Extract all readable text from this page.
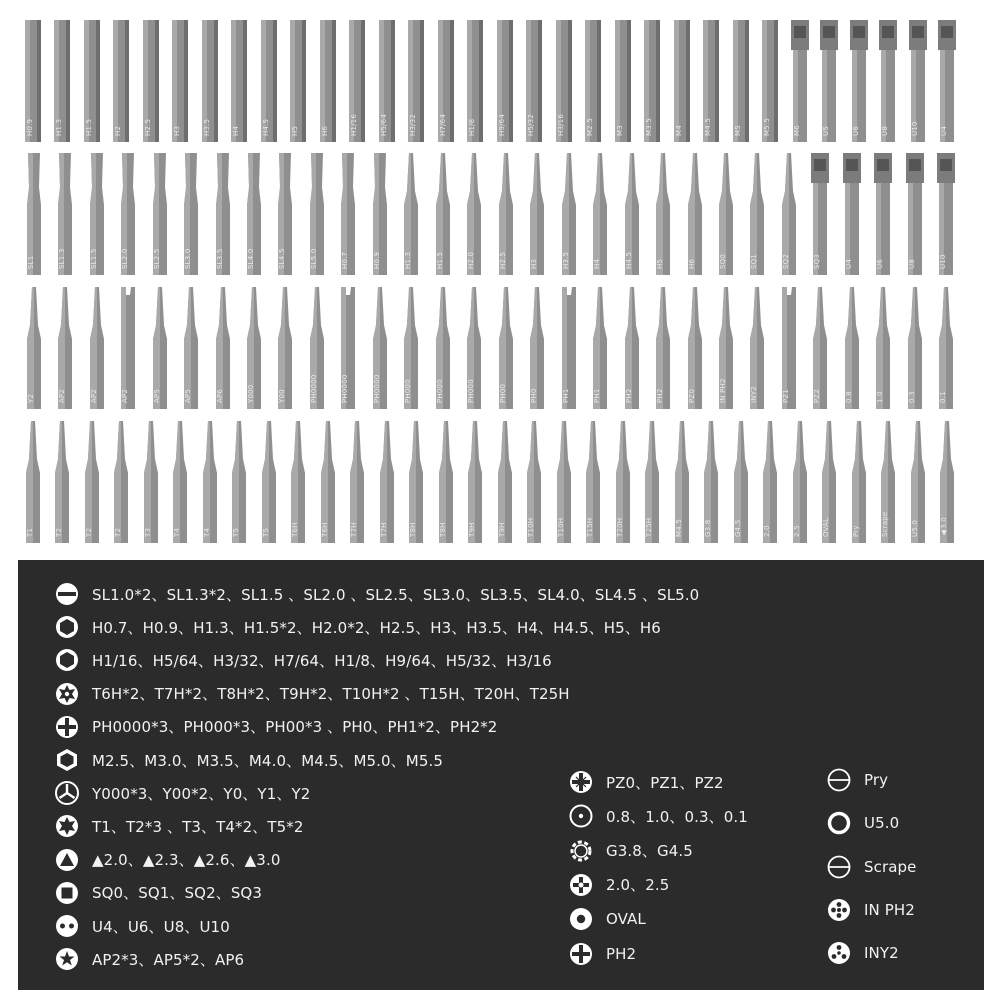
H0.9	H1.3	H1.5	H2	H2.5	H3	H3.5	H4	H4.5	H5	H6	H1/16	H5/64	H3/32	H7/64	H1/8	H9/64	H5/32	H3/16	M2.5	M3	M3.5	M4	M4.5	M5	M5.5	M6	U5	U6	U8	U10	U4
SL1	SL1.3	SL1.5	SL2.0	SL2.5	SL3.0	SL3.5	SL4.0	SL4.5	SL5.0	H0.7	H0.9	H1.3	H1.5	H2.0	H2.5	H3	H3.5	H4	H4.5	H5	H6	SQ0	SQ1	SQ2	SQ3	U4	U6	U8	U10
Y2	AP2	AP2	AP2	AP5	AP5	AP6	Y000	Y00	PH0000	PH0000	PH0000	PH000	PH000	PH000	PH00	PH0	PH1	PH1	PH2	PH2	PZ0	IN PH2	INY2	PZ1	PZ2	0.8	1.0	0.3	0.1
T1	T2	T2	T2	T3	T4	T4	T5	T5	T6H	T6H	T7H	T7H	T8H	T8H	T9H	T9H	T10H	T10H	T15H	T20H	T25H	M4.5	G3.8	G4.5	2.0	2.5	OVAL	Pry	Scrape	U5.0	▲3.0
SL1.0*2、SL1.3*2、SL1.5 、SL2.0 、SL2.5、SL3.0、SL3.5、SL4.0、SL4.5 、SL5.0
H0.7、H0.9、H1.3、H1.5*2、H2.0*2、H2.5、H3、H3.5、H4、H4.5、H5、H6
H1/16、H5/64、H3/32、H7/64、H1/8、H9/64、H5/32、H3/16
T6H*2、T7H*2、T8H*2、T9H*2、T10H*2 、T15H、T20H、T25H
PH0000*3、PH000*3、PH00*3 、PH0、PH1*2、PH2*2
M2.5、M3.0、M3.5、M4.0、M4.5、M5.0、M5.5
Y000*3、Y00*2、Y0、Y1、Y2
T1、T2*3 、T3、T4*2、T5*2
▲2.0、▲2.3、▲2.6、▲3.0
SQ0、SQ1、SQ2、SQ3
U4、U6、U8、U10
AP2*3、AP5*2、AP6
PZ0、PZ1、PZ2
0.8、1.0、0.3、0.1
G3.8、G4.5
2.0、2.5
OVAL
PH2
Pry
U5.0
Scrape
IN PH2
INY2
